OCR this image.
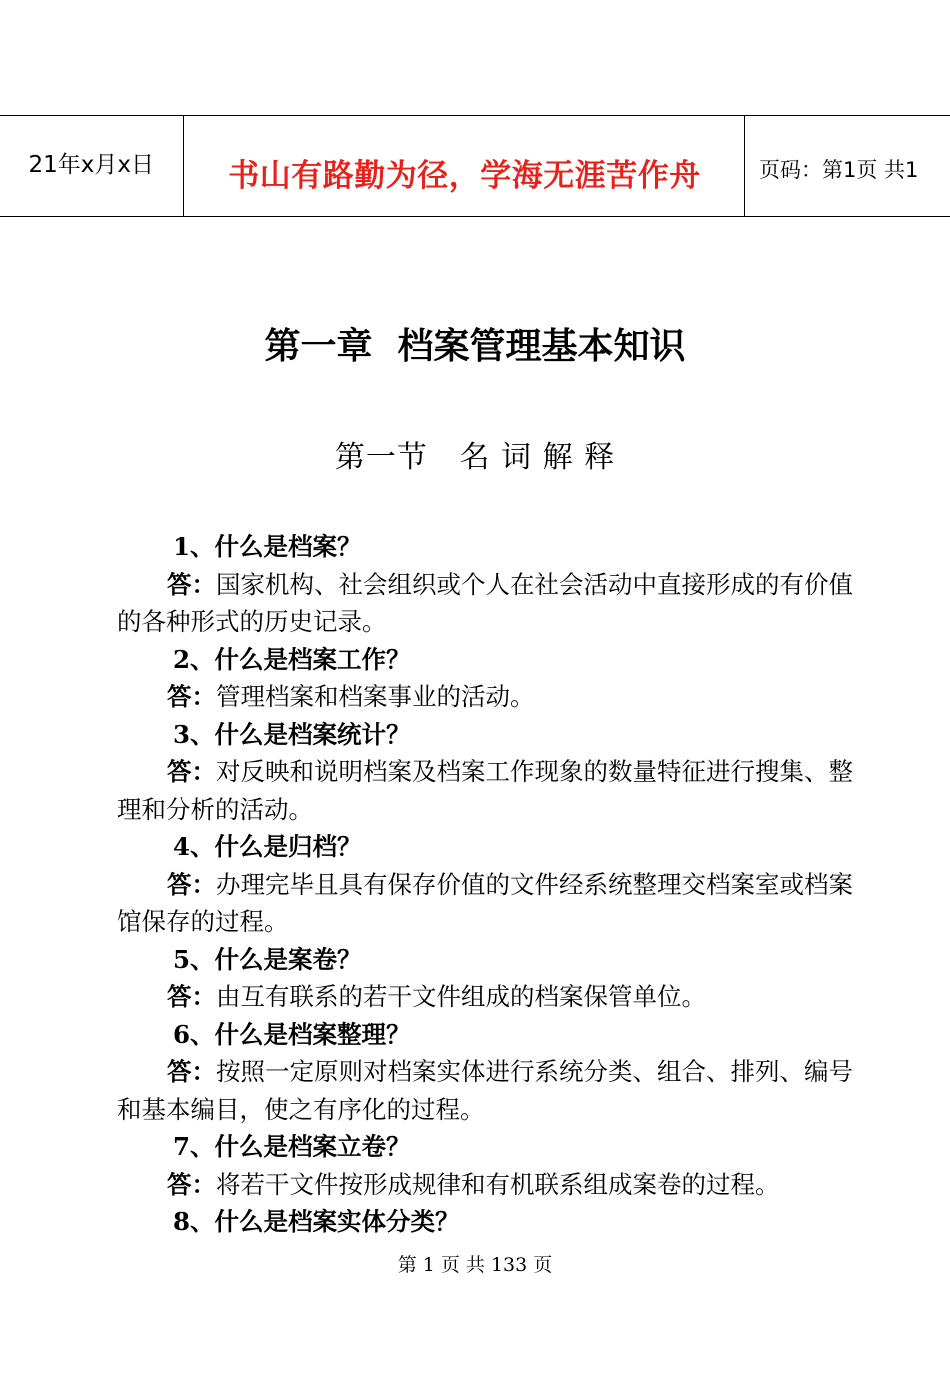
21年x月x日	书山有路勤为径，学海无涯苦作舟	页码：第1页 共1
第一章  档案管理基本知识
第一节   名 词 解 释
1、什么是档案？
答：国家机构、社会组织或个人在社会活动中直接形成的有价值的各种形式的历史记录。
2、什么是档案工作？
答：管理档案和档案事业的活动。
3、什么是档案统计？
答：对反映和说明档案及档案工作现象的数量特征进行搜集、整理和分析的活动。
4、什么是归档？
答：办理完毕且具有保存价值的文件经系统整理交档案室或档案馆保存的过程。
5、什么是案卷？
答：由互有联系的若干文件组成的档案保管单位。
6、什么是档案整理？
答：按照一定原则对档案实体进行系统分类、组合、排列、编号和基本编目，使之有序化的过程。
7、什么是档案立卷？
答：将若干文件按形成规律和有机联系组成案卷的过程。
8、什么是档案实体分类？
第 1 页 共 133 页
